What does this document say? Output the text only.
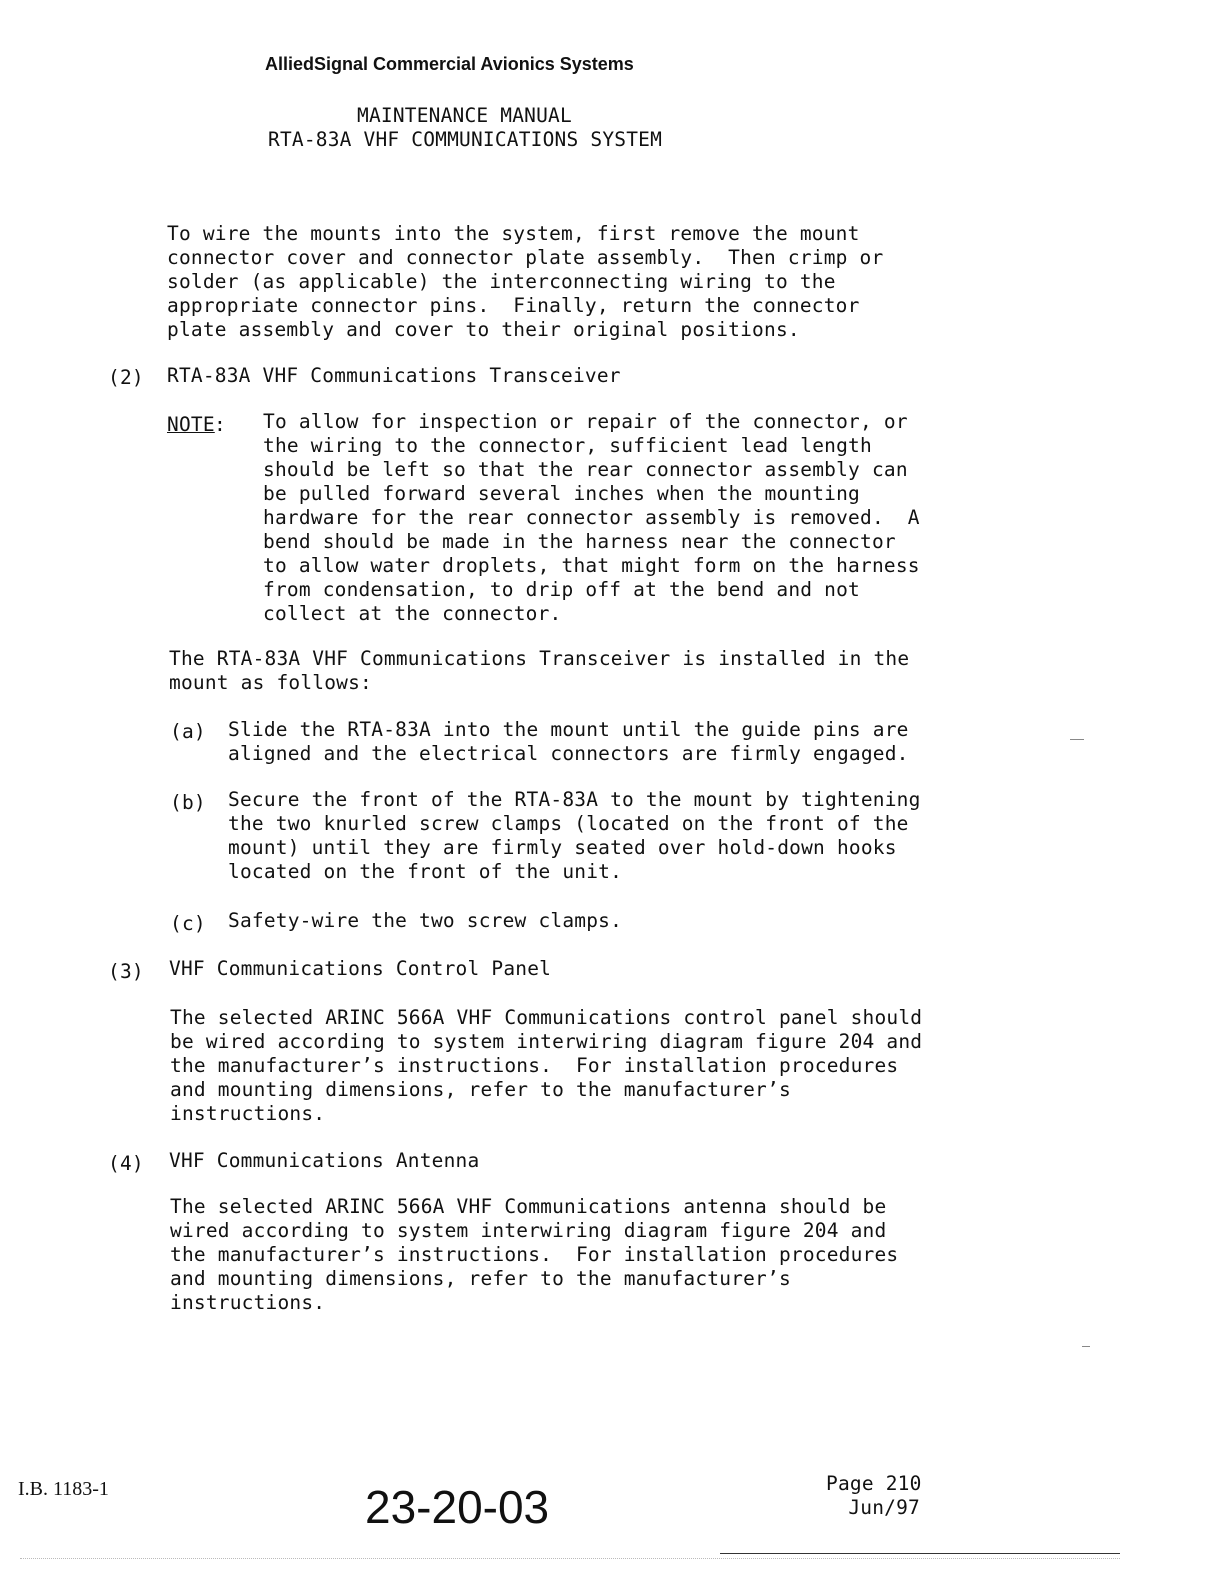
AlliedSignal Commercial Avionics Systems
MAINTENANCE MANUAL
RTA-83A VHF COMMUNICATIONS SYSTEM

To wire the mounts into the system, first remove the mount

connector cover and connector plate assembly.  Then crimp or

solder (as applicable) the interconnecting wiring to the

appropriate connector pins.  Finally, return the connector

plate assembly and cover to their original positions.

(2) RTA-83A VHF Communications Transceiver
NOTE : To allow for inspection or repair of the connector, or

the wiring to the connector, sufficient lead length

should be left so that the rear connector assembly can

be pulled forward several inches when the mounting

hardware for the rear connector assembly is removed.  A

bend should be made in the harness near the connector

to allow water droplets, that might form on the harness

from condensation, to drip off at the bend and not

collect at the connector.

The RTA-83A VHF Communications Transceiver is installed in the

mount as follows:

(a) Slide the RTA-83A into the mount until the guide pins are

aligned and the electrical connectors are firmly engaged.

(b) Secure the front of the RTA-83A to the mount by tightening

the two knurled screw clamps (located on the front of the

mount) until they are firmly seated over hold-down hooks

located on the front of the unit.

(c) Safety-wire the two screw clamps.

(3) VHF Communications Control Panel

The selected ARINC 566A VHF Communications control panel should

be wired according to system interwiring diagram figure 204 and

the manufacturer’s instructions.  For installation procedures

and mounting dimensions, refer to the manufacturer’s

instructions.

(4) VHF Communications Antenna

The selected ARINC 566A VHF Communications antenna should be

wired according to system interwiring diagram figure 204 and

the manufacturer’s instructions.  For installation procedures

and mounting dimensions, refer to the manufacturer’s

instructions.

I.B. 1183-1	23-20-03	Page 210
Jun/97
